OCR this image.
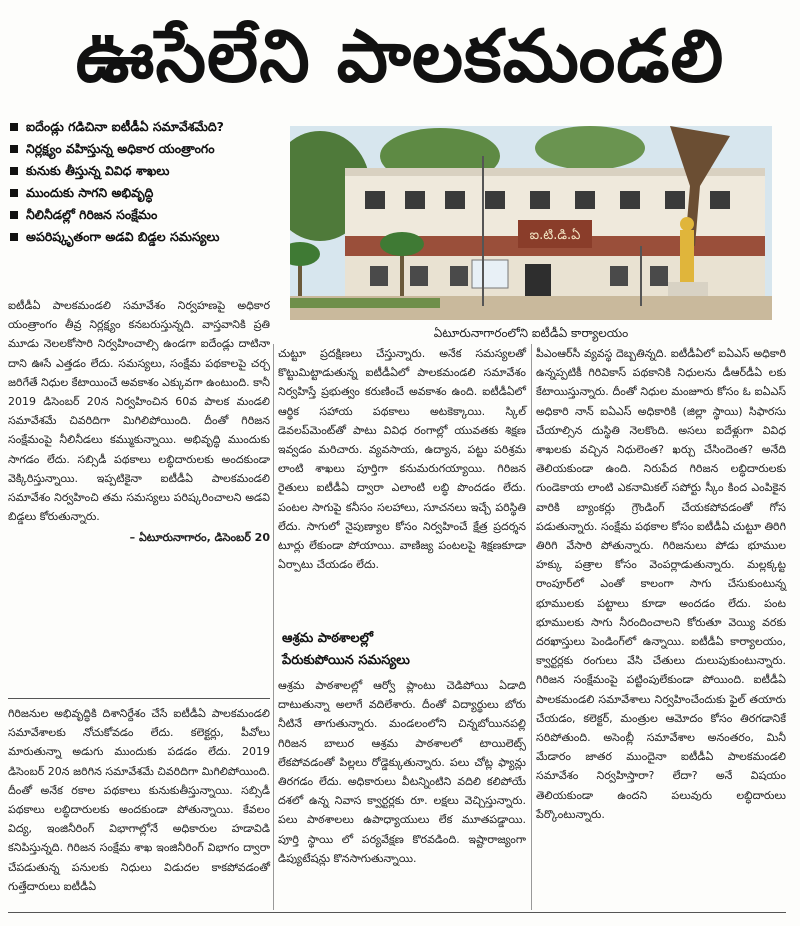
ఊసేలేని పాలకమండలి
ఐదేండ్లు గడిచినా ఐటీడీఏ సమావేశమేది?
నిర్లక్ష్యం వహిస్తున్న అధికార యంత్రాంగం
కునుకు తీస్తున్న వివిధ శాఖలు
ముందుకు సాగని అభివృద్ధి
నీలినీడల్లో గిరిజన సంక్షేమం
అపరిష్కృతంగా అడవి బిడ్డల సమస్యలు	ఐ.టి.డి.ఏ
ఏటూరునాగారంలోని ఐటీడీఏ కార్యాలయం

ఐటీడీఏ పాలకమండలి సమావేశం నిర్వహణపై అధికార యంత్రాంగం తీవ్ర నిర్లక్ష్యం కనబరుస్తున్నది. వాస్తవానికి ప్రతి మూడు నెలలకోసారి నిర్వహించాల్సి ఉండగా ఐదేండ్లు దాటినా దాని ఊసే ఎత్తడం లేదు. సమస్యలు, సంక్షేమ పథకాలపై చర్చ జరిగేతే నిధుల కేటాయించే అవకాశం ఎక్కువగా ఉంటుంది. కానీ 2019 డిసెంబర్ 20న నిర్వహించిన 60వ పాలక మండలి సమావేశమే చివరిదిగా మిగిలిపోయింది. దీంతో గిరిజన సంక్షేమంపై నీలినీడలు కమ్ముకున్నాయి. అభివృద్ధి ముందుకు సాగడం లేదు. సబ్సిడీ పథకాలు లబ్ధిదారులకు అందకుండా వెక్కిరిస్తున్నాయి. ఇప్పటికైనా ఐటీడీఏ పాలకమండలి సమావేశం నిర్వహించి తమ సమస్యలు పరిష్కరించాలని అడవి బిడ్డలు కోరుతున్నారు.

– ఏటూరునాగారం, డిసెంబర్ 20

గిరిజనుల అభివృద్ధికి దిశానిర్దేశం చేసే ఐటీడీఏ పాలకమండలి సమావేశాలకు నోచుకోవడం లేదు. కలెక్టర్లు, పీవోలు మారుతున్నా అడుగు ముందుకు పడడం లేదు. 2019 డిసెంబర్ 20న జరిగిన సమావేశమే చివరిదిగా మిగిలిపోయింది. దీంతో అనేక రకాల పథకాలు కునుకుతీస్తున్నాయి. సబ్సిడీ పథకాలు లబ్ధిదారులకు అందకుండా పోతున్నాయి. కేవలం విద్య, ఇంజినీరింగ్ విభాగాల్లోనే అధికారుల హడావిడి కనిపిస్తున్నది. గిరిజన సంక్షేమ శాఖ ఇంజినీరింగ్ విభాగం ద్వారా చేపడుతున్న పనులకు నిధులు విడుదల కాకపోవడంతో గుత్తేదారులు ఐటీడీఏ

చుట్టూ ప్రదక్షిణలు చేస్తున్నారు. అనేక సమస్యలతో కొట్టుమిట్టాడుతున్న ఐటీడీఏలో పాలకమండలి సమావేశం నిర్వహిస్తే ప్రభుత్వం కరుణించే అవకాశం ఉంది. ఐటీడీఏలో ఆర్థిక సహాయ పథకాలు అటకెక్కాయి. స్కిల్ డెవలప్‌మెంట్‌తో పాటు వివిధ రంగాల్లో యువతకు శిక్షణ ఇవ్వడం మరిచారు. వ్యవసాయ, ఉద్యాన, పట్టు పరిశ్రమ లాంటి శాఖలు పూర్తిగా కనుమరుగయ్యాయి. గిరిజన రైతులు ఐటీడీఏ ద్వారా ఎలాంటి లబ్ధి పొందడం లేదు. పంటల సాగుపై కనీసం సలహాలు, సూచనలు ఇచ్చే పరిస్థితి లేదు. సాగులో నైపుణ్యాల కోసం నిర్వహించే క్షేత్ర ప్రదర్శన టూర్లు లేకుండా పోయాయి. వాణిజ్య పంటలపై శిక్షణకూడా ఏర్పాటు చేయడం లేదు.

ఆశ్రమ పాఠశాలల్లో
పేరుకుపోయిన సమస్యలు

ఆశ్రమ పాఠశాలల్లో ఆర్వో ప్లాంటు చెడిపోయి ఏడాది దాటుతున్నా అలాగే వదిలేశారు. దీంతో విద్యార్థులు బోరు నీటినే తాగుతున్నారు. మండలంలోని చిన్నబోయినపల్లి గిరిజన బాలుర ఆశ్రమ పాఠశాలలో టాయిలెట్స్ లేకపోవడంతో పిల్లలు రోడ్డెక్కుతున్నారు. పలు చోట్ల ఫ్యాన్లు తిరగడం లేదు. అధికారులు వీటన్నింటిని వదిలి కలిపోయే దశలో ఉన్న నివాస క్వార్టర్లకు రూ. లక్షలు వెచ్చిస్తున్నారు. పలు పాఠశాలలు ఉపాధ్యాయులు లేక మూతపడ్డాయి. పూర్తి స్థాయి లో పర్యవేక్షణ కొరవడింది. ఇష్టారాజ్యంగా డిప్యుటేషన్లు కొనసాగుతున్నాయి.

పీఎంఆర్‌సీ వ్యవస్థ దెబ్బతిన్నది. ఐటీడీఏలో ఐఏఎస్ అధికారి ఉన్నప్పటికీ గిరివికాస్ పథకానికి నిధులను డీఆర్‌డీఏ లకు కేటాయిస్తున్నారు. దీంతో నిధుల మంజూరు కోసం ఓ ఐఏఎస్ అధికారి నాన్ ఐఏఎస్ అధికారికి (జిల్లా స్థాయి) సిఫారసు చేయాల్సిన దుస్థితి నెలకొంది. అసలు ఐదేళ్లుగా వివిధ శాఖలకు వచ్చిన నిధులెంత? ఖర్చు చేసిందెంత? అనేది తెలియకుండా ఉంది. నిరుపేద గిరిజన లబ్ధిదారులకు గుండెకాయ లాంటి ఎకనామికల్ సపోర్టు స్కీం కింద ఎంపికైన వారికి బ్యాంకర్లు గ్రౌండింగ్ చేయకపోవడంతో గోస పడుతున్నారు. సంక్షేమ పథకాల కోసం ఐటీడీఏ చుట్టూ తిరిగి తిరిగి వేసారి పోతున్నారు. గిరిజనులు పోడు భూముల హక్కు పత్రాల కోసం వెంపర్లాడుతున్నారు. మల్లక్కట్ట రాంపూర్‌లో ఎంతో కాలంగా సాగు చేసుకుంటున్న భూములకు పట్టాలు కూడా అందడం లేదు. పంట భూములకు సాగు నీరందించాలని కోరుతూ వెయ్యి వరకు దరఖాస్తులు పెండింగ్‌లో ఉన్నాయి. ఐటీడీఏ కార్యాలయం, క్వార్టర్లకు రంగులు వేసి చేతులు దులుపుకుంటున్నారు. గిరిజన సంక్షేమంపై పట్టింపులేకుండా పోయింది. ఐటీడీఏ పాలకమండలి సమావేశాలు నిర్వహించేందుకు ఫైల్ తయారు చేయడం, కలెక్టర్, మంత్రుల ఆమోదం కోసం తిరగడానికే సరిపోతుంది. అసెంబ్లీ సమావేశాల అనంతరం, మినీ మేడారం జాతర ముందైనా ఐటీడీఏ పాలకమండలి సమావేశం నిర్వహిస్తారా? లేదా? అనే విషయం తెలియకుండా ఉందని పలువురు లబ్ధిదారులు పేర్కొంటున్నారు.
